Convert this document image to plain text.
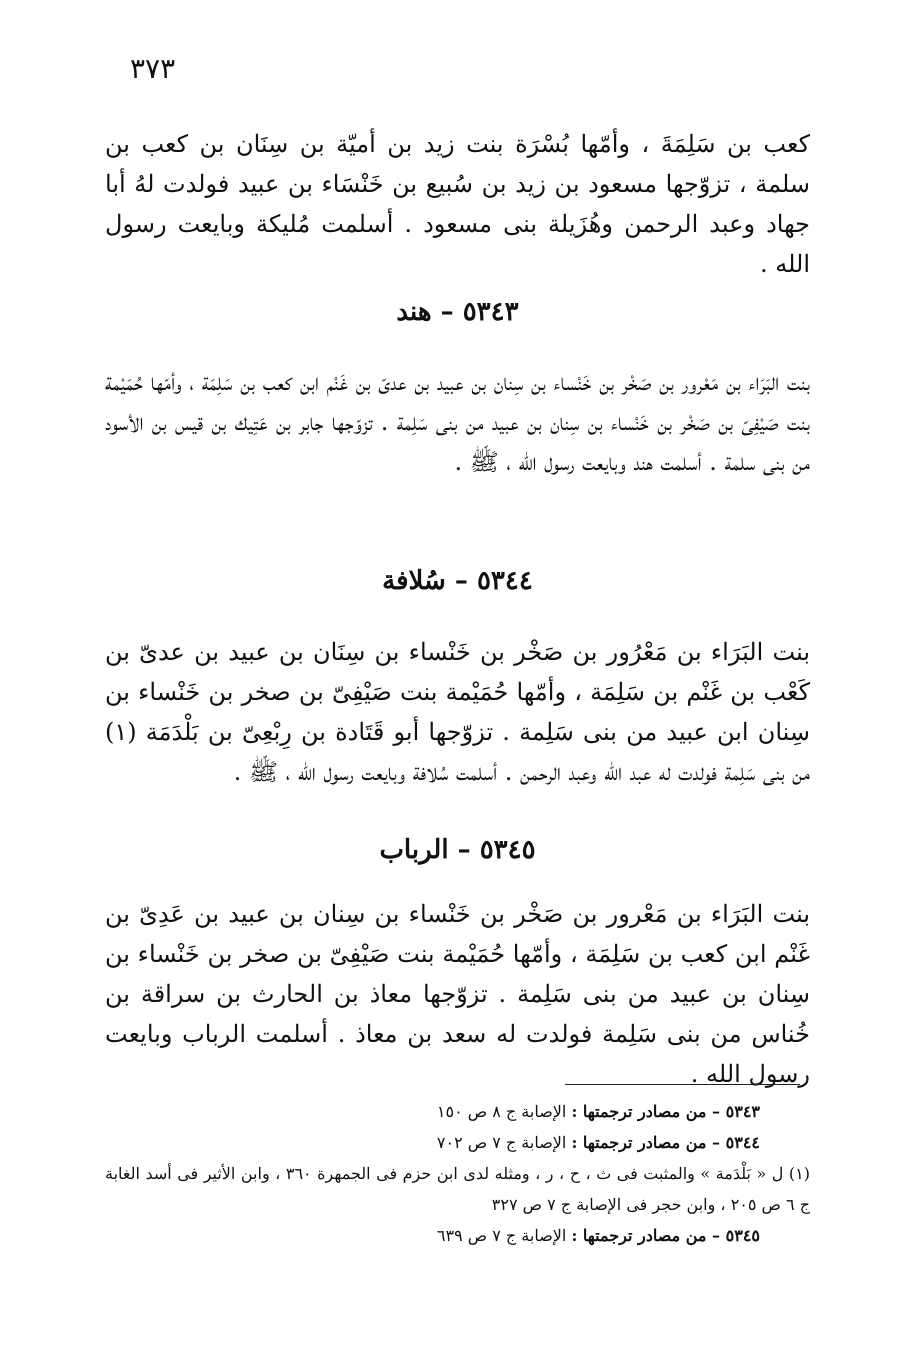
٣٧٣
كعب بن سَلِمَةَ ، وأمّها بُسْرَة بنت زيد بن أميّة بن سِنَان بن كعب بن سلمة ، تزوّجها مسعود بن زيد بن سُبيع بن خَنْسَاء بن عبيد فولدت لهُ أبا جهاد وعبد الرحمن وهُزَيلة بنى مسعود . أسلمت مُليكة وبايعت رسول الله .
٥٣٤٣ – هند
بنت البَرَاء بن مَعْرور بن صَخْر بن خَنْساء بن سِنان بن عبيد بن عدىّ بن غَنْم ابن كعب بن سَلِمَة ، وأمّها حُمَيْمة بنت صَيْفِىّ بن صَخْر بن خَنْساء بن سِنان بن عبيد من بنى سَلِمة . تزوّجها جابر بن عَتِيك بن قيس بن الأسود من بنى سلمة . أسلمت هند وبايعت رسول الله ، ﷺ .
٥٣٤٤ – سُلافة
بنت البَرَاء بن مَعْرُور بن صَخْر بن خَنْساء بن سِنَان بن عبيد بن عدىّ بن كَعْب بن غَنْم بن سَلِمَة ، وأمّها حُمَيْمة بنت صَيْفِىّ بن صخر بن خَنْساء بن سِنان ابن عبيد من بنى سَلِمة . تزوّجها أبو قَتَادة بن رِبْعِىّ بن بَلْدَمَة (١) من بنى سَلِمة فولدت له عبد الله وعبد الرحمن . أسلمت سُلافة وبايعت رسول الله ، ﷺ .
٥٣٤٥ – الرباب
بنت البَرَاء بن مَعْرور بن صَخْر بن خَنْساء بن سِنان بن عبيد بن عَدِىّ بن غَنْم ابن كعب بن سَلِمَة ، وأمّها حُمَيْمة بنت صَيْفِىّ بن صخر بن خَنْساء بن سِنان بن عبيد من بنى سَلِمة . تزوّجها معاذ بن الحارث بن سراقة بن خُناس من بنى سَلِمة فولدت له سعد بن معاذ . أسلمت الرباب وبايعت رسول الله .
٥٣٤٣ – من مصادر ترجمتها : الإصابة ج ٨ ص ١٥٠
٥٣٤٤ – من مصادر ترجمتها : الإصابة ج ٧ ص ٧٠٢
(١) ل « بَلْدَمة » والمثبت فى ث ، ح ، ر ، ومثله لدى ابن حزم فى الجمهرة ٣٦٠ ، وابن الأثير فى أسد الغابة ج ٦ ص ٢٠٥ ، وابن حجر فى الإصابة ج ٧ ص ٣٢٧
٥٣٤٥ – من مصادر ترجمتها : الإصابة ج ٧ ص ٦٣٩
